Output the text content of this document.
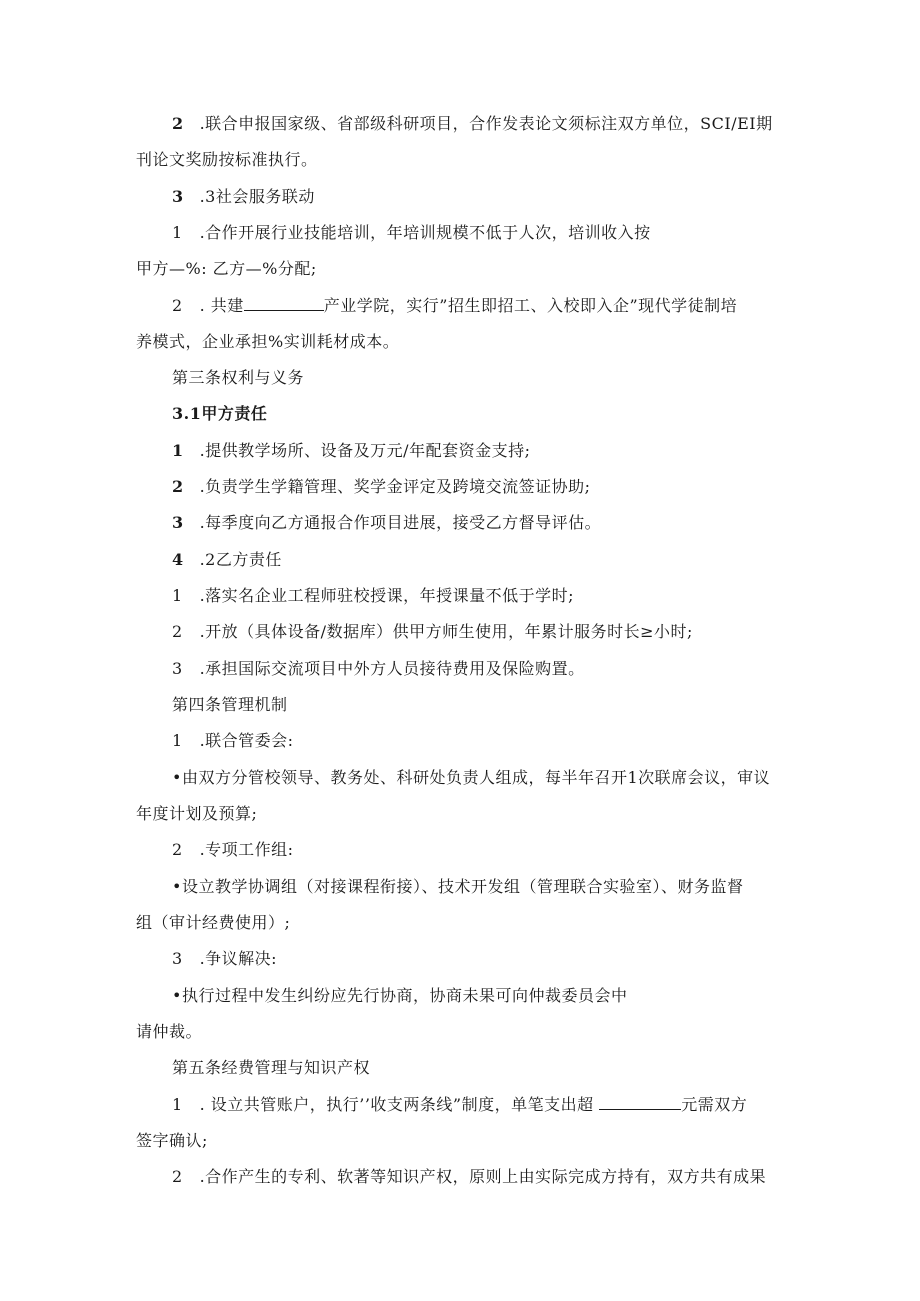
2 .联合申报国家级、省部级科研项目，合作发表论文须标注双方单位，SCI/EI期
刊论文奖励按标准执行。
3 .3社会服务联动
1 .合作开展行业技能培训，年培训规模不低于人次，培训收入按
甲方—%: 乙方—%分配;
2 . 共建	产业学院，实行”招生即招工、入校即入企”现代学徒制培
养模式，企业承担%实训耗材成本。
第三条权利与义务
3.1甲方责任
1 .提供教学场所、设备及万元/年配套资金支持;
2 .负责学生学籍管理、奖学金评定及跨境交流签证协助;
3 .每季度向乙方通报合作项目进展，接受乙方督导评估。
4 .2乙方责任
1 .落实名企业工程师驻校授课，年授课量不低于学时;
2 .开放（具体设备/数据库）供甲方师生使用，年累计服务时长≥小时;
3 .承担国际交流项目中外方人员接待费用及保险购置。
第四条管理机制
1 .联合管委会:
•由双方分管校领导、教务处、科研处负责人组成，每半年召开1次联席会议，审议
年度计划及预算;
2 .专项工作组:
•设立教学协调组（对接课程衔接）、技术开发组（管理联合实验室）、财务监督
组（审计经费使用）;
3 .争议解决:
•执行过程中发生纠纷应先行协商，协商未果可向仲裁委员会中
请仲裁。
第五条经费管理与知识产权
1 . 设立共管账户，执行’’收支两条线”制度，单笔支出超	元需双方
签字确认;
2 .合作产生的专利、软著等知识产权，原则上由实际完成方持有，双方共有成果
